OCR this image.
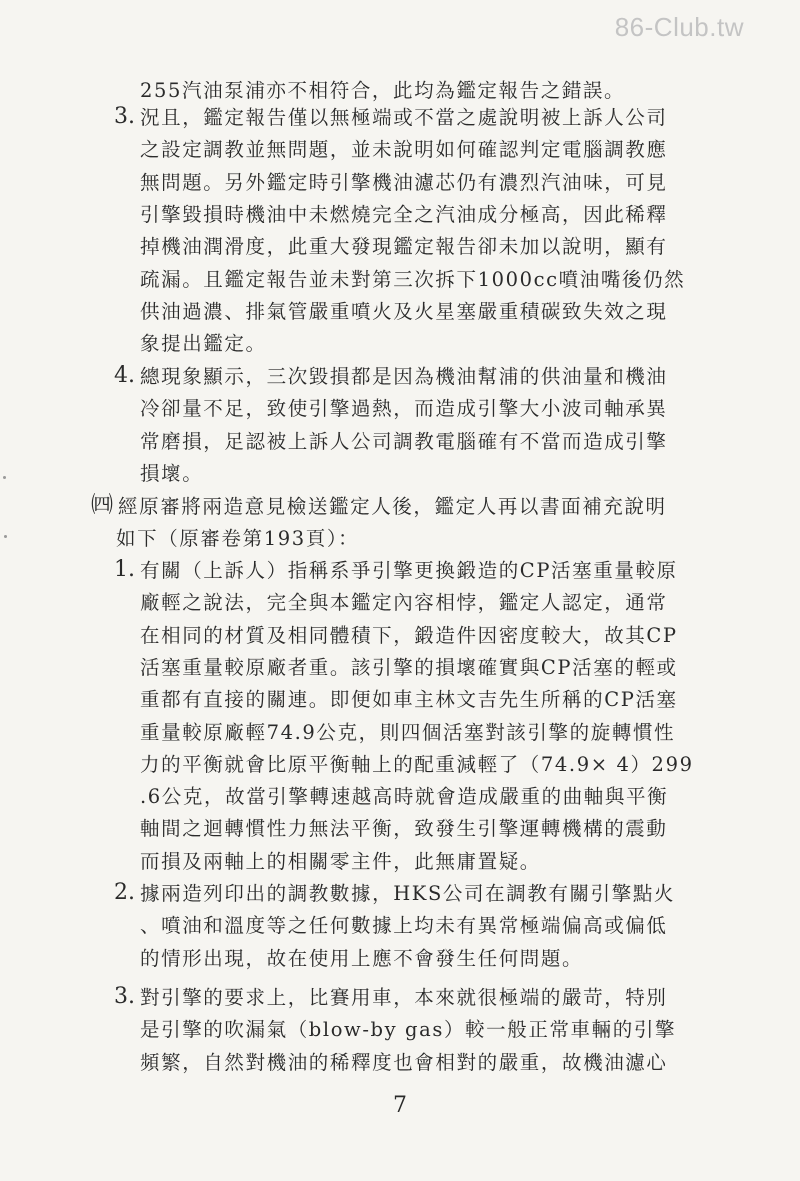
86-Club.tw
255汽油泵浦亦不相符合，此均為鑑定報告之錯誤。
3. 況且，鑑定報告僅以無極端或不當之處說明被上訴人公司
之設定調教並無問題，並未說明如何確認判定電腦調教應
無問題。另外鑑定時引擎機油濾芯仍有濃烈汽油味，可見
引擎毀損時機油中未燃燒完全之汽油成分極高，因此稀釋
掉機油潤滑度，此重大發現鑑定報告卻未加以說明，顯有
疏漏。且鑑定報告並未對第三次拆下1000cc噴油嘴後仍然
供油過濃、排氣管嚴重噴火及火星塞嚴重積碳致失效之現
象提出鑑定。
4. 總現象顯示，三次毀損都是因為機油幫浦的供油量和機油
冷卻量不足，致使引擎過熱，而造成引擎大小波司軸承異
常磨損，足認被上訴人公司調教電腦確有不當而造成引擎
損壞。
㈣ 經原審將兩造意見檢送鑑定人後，鑑定人再以書面補充說明
如下（原審卷第193頁）：
1. 有關（上訴人）指稱系爭引擎更換鍛造的CP活塞重量較原
廠輕之說法，完全與本鑑定內容相悖，鑑定人認定，通常
在相同的材質及相同體積下，鍛造件因密度較大，故其CP
活塞重量較原廠者重。該引擎的損壞確實與CP活塞的輕或
重都有直接的關連。即便如車主林文吉先生所稱的CP活塞
重量較原廠輕74.9公克，則四個活塞對該引擎的旋轉慣性
力的平衡就會比原平衡軸上的配重減輕了（74.9× 4）299
.6公克，故當引擎轉速越高時就會造成嚴重的曲軸與平衡
軸間之迴轉慣性力無法平衡，致發生引擎運轉機構的震動
而損及兩軸上的相關零主件，此無庸置疑。
2. 據兩造列印出的調教數據，HKS公司在調教有關引擎點火
、噴油和溫度等之任何數據上均未有異常極端偏高或偏低
的情形出現，故在使用上應不會發生任何問題。
3. 對引擎的要求上，比賽用車，本來就很極端的嚴苛，特別
是引擎的吹漏氣（blow-by gas）較一般正常車輛的引擎
頻繁，自然對機油的稀釋度也會相對的嚴重，故機油濾心
7
